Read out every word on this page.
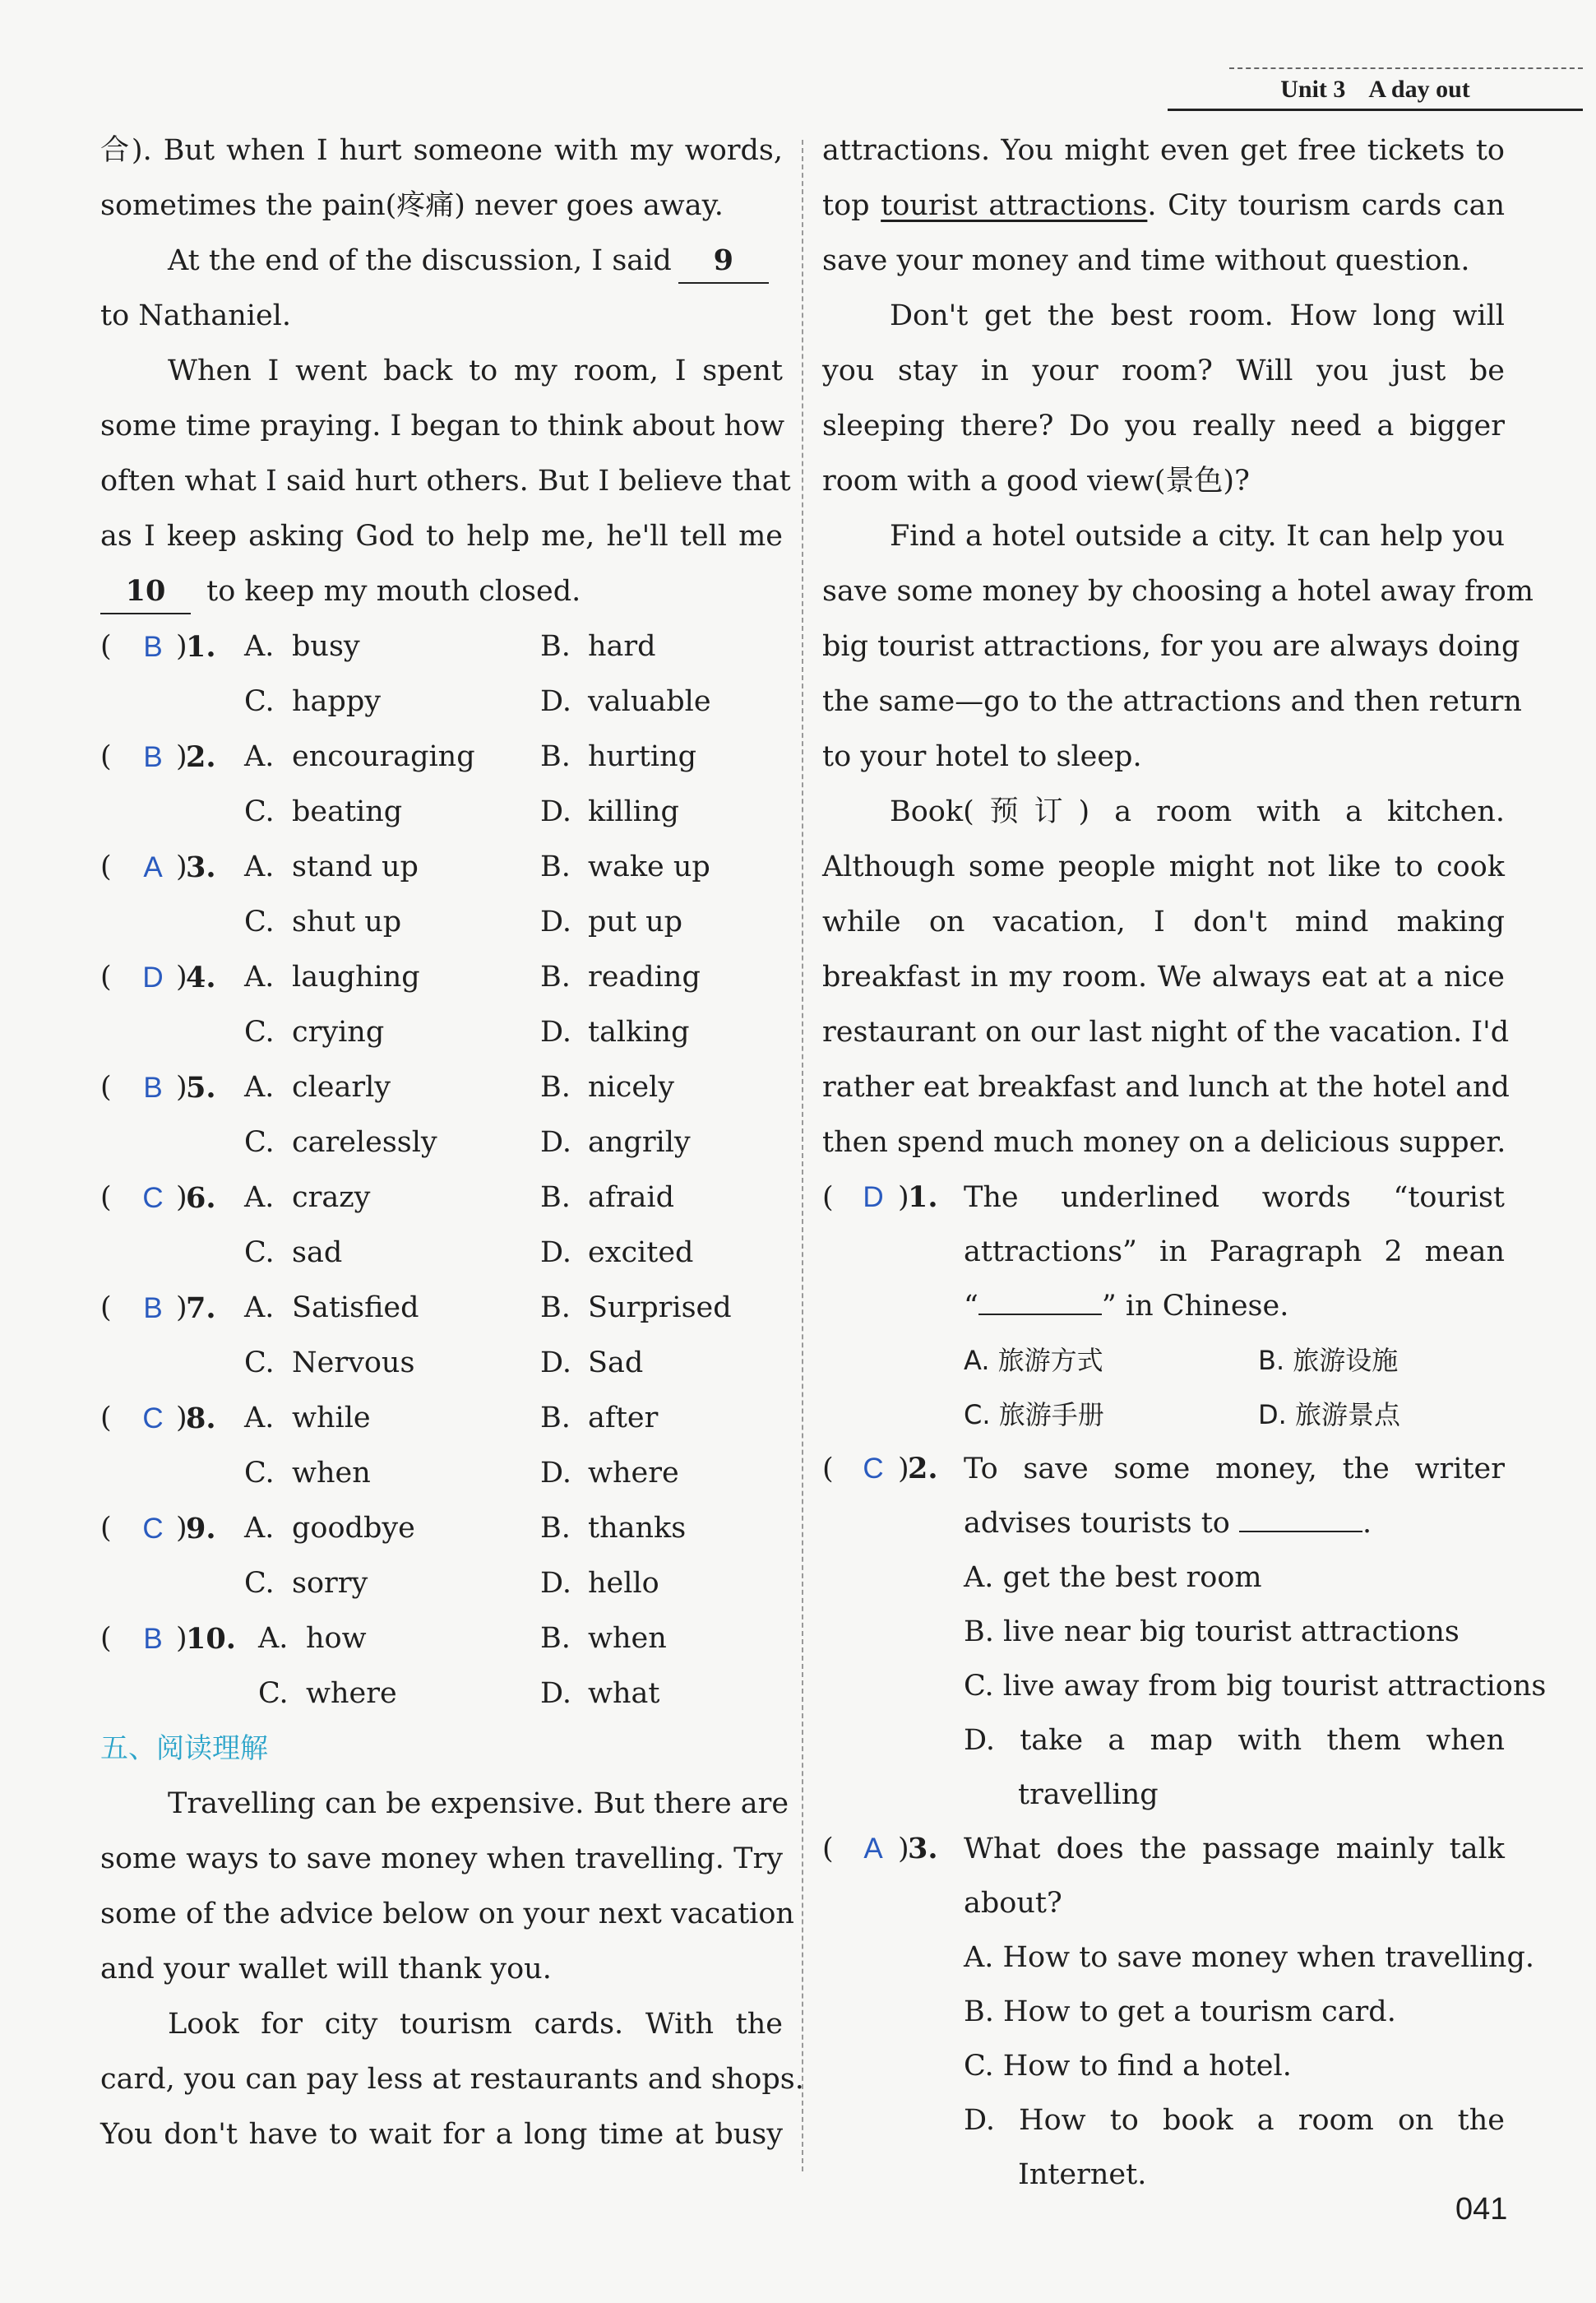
Unit 3 A day out
合). But when I hurt someone with my words,
sometimes the pain(疼痛) never goes away.
At the end of the discussion, I said 9
to Nathaniel.
When I went back to my room, I spent
some time praying. I began to think about how
often what I said hurt others. But I believe that
as I keep asking God to help me, he'll tell me
10 to keep my mouth closed.
( B )
1. A. busy	B. hard
C. happy	D. valuable
( B )
2. A. encouraging B. hurting
C. beating	D. killing
( A )
3. A. stand up	B. wake up
C. shut up	D. put up
( D )
4. A. laughing	B. reading
C. crying	D. talking
( B )
5. A. clearly	B. nicely
C. carelessly	D. angrily
( C )
6. A. crazy	B. afraid
C. sad	D. excited
( B )
7. A. Satisfied	B. Surprised
C. Nervous	D. Sad
( C )
8. A. while	B. after
C. when	D. where
( C )
9. A. goodbye	B. thanks
C. sorry	D. hello
( B )
10. A. how	B. when
C. where	D. what
五、阅读理解
Travelling can be expensive. But there are
some ways to save money when travelling. Try
some of the advice below on your next vacation
and your wallet will thank you.
Look for city tourism cards. With the
card, you can pay less at restaurants and shops.
You don't have to wait for a long time at busy
attractions. You might even get free tickets to
top tourist attractions. City tourism cards can
save your money and time without question.
Don't get the best room. How long will
you stay in your room? Will you just be
sleeping there? Do you really need a bigger
room with a good view(景色)?
Find a hotel outside a city. It can help you
save some money by choosing a hotel away from
big tourist attractions, for you are always doing
the same—go to the attractions and then return
to your hotel to sleep.
Book(预订) a room with a kitchen.
Although some people might not like to cook
while on vacation, I don't mind making
breakfast in my room. We always eat at a nice
restaurant on our last night of the vacation. I'd
rather eat breakfast and lunch at the hotel and
then spend much money on a delicious supper.
( D )
1. The underlined words “tourist
attractions” in Paragraph 2 mean
“	” in Chinese.
A. 旅游方式	B. 旅游设施
C. 旅游手册	D. 旅游景点
( C )
2. To save some money, the writer
advises tourists to	.
A. get the best room
B. live near big tourist attractions
C. live away from big tourist attractions
D. take a map with them when
travelling
( A )
3. What does the passage mainly talk
about?
A. How to save money when travelling.
B. How to get a tourism card.
C. How to find a hotel.
D. How to book a room on the
Internet.
041
